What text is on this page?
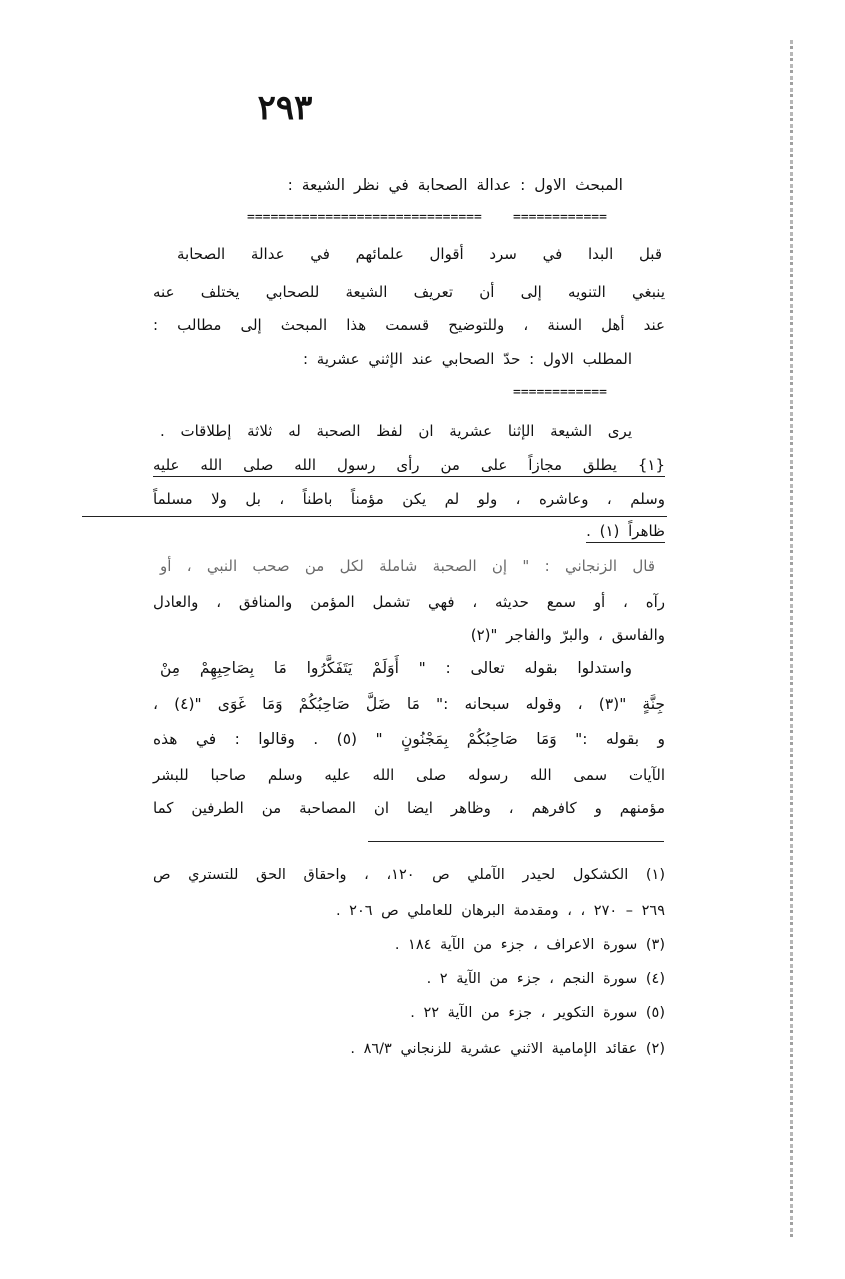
٢٩٣
المبحث الاول : عدالة الصحابة في نظر الشيعة :
============
==============================
قبل البدا في سرد أقوال علمائهم في عدالة الصحابة
ينبغي التنويه إلى أن تعريف الشيعة للصحابي يختلف عنه
عند أهل السنة ، وللتوضيح قسمت هذا المبحث إلى مطالب :
المطلب الاول : حدّ الصحابي عند الإثني عشرية :
============
يرى الشيعة الإثنا عشرية ان لفظ الصحبة له ثلاثة إطلاقات .
{١} يطلق مجازاً على من رأى رسول الله صلى الله عليه
وسلم ، وعاشره ، ولو لم يكن مؤمناً باطناً ، بل ولا مسلماً
ظاهراً (١) .
قال الزنجاني : " إن الصحبة شاملة لكل من صحب النبي ، أو
رآه ، أو سمع حديثه ، فهي تشمل المؤمن والمنافق ، والعادل
والفاسق ، والبرّ والفاجر "(٢)
واستدلوا بقوله تعالى : " أَوَلَمْ يَتَفَكَّرُوا مَا بِصَاحِبِهِمْ مِنْ
جِنَّةٍ "(٣) ، وقوله سبحانه :" مَا ضَلَّ صَاحِبُكُمْ وَمَا غَوَى "(٤) ،
و بقوله :" وَمَا صَاحِبُكُمْ بِمَجْنُونٍ " (٥) . وقالوا : في هذه
الآيات سمى الله رسوله صلى الله عليه وسلم صاحبا للبشر
مؤمنهم و كافرهم ، وظاهر ايضا ان المصاحبة من الطرفين كما
(١) الكشكول لحيدر الآملي ص ١٢٠، ، واحقاق الحق للتستري ص
٢٦٩ – ٢٧٠ ، ، ومقدمة البرهان للعاملي ص ٢٠٦ .
(٣) سورة الاعراف ، جزء من الآية ١٨٤ .
(٤) سورة النجم ، جزء من الآية ٢ .
(٥) سورة التكوير ، جزء من الآية ٢٢ .
(٢) عقائد الإمامية الاثني عشرية للزنجاني ٨٦/٣ .
